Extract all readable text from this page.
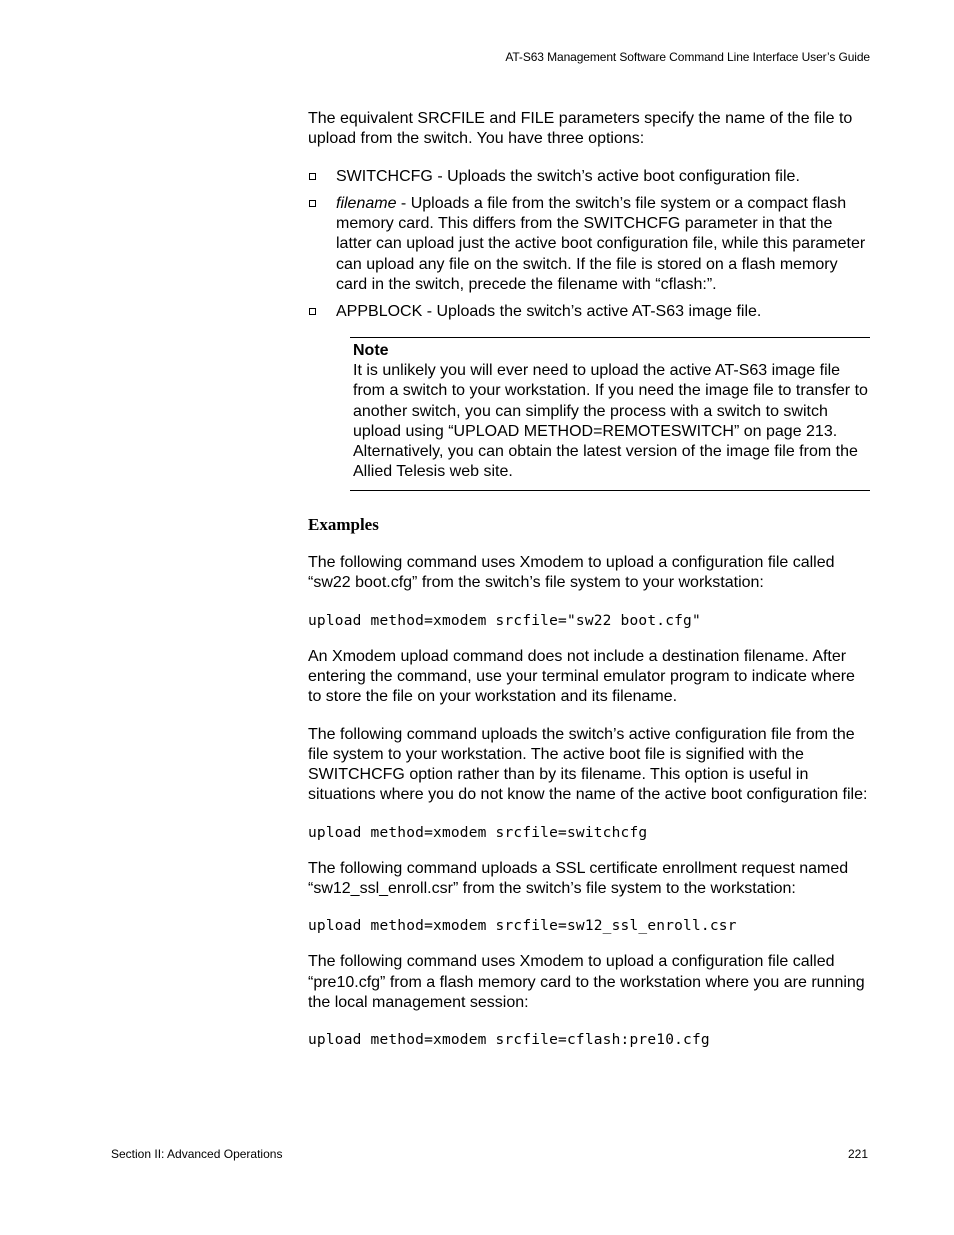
AT-S63 Management Software Command Line Interface User’s Guide

The equivalent SRCFILE and FILE parameters specify the name of the file to upload from the switch. You have three options:

SWITCHCFG - Uploads the switch’s active boot configuration file.
filename - Uploads a file from the switch’s file system or a compact flash memory card. This differs from the SWITCHCFG parameter in that the latter can upload just the active boot configuration file, while this parameter can upload any file on the switch. If the file is stored on a flash memory card in the switch, precede the filename with “cflash:”.
APPBLOCK - Uploads the switch’s active AT-S63 image file.
Note
It is unlikely you will ever need to upload the active AT-S63 image file from a switch to your workstation. If you need the image file to transfer to another switch, you can simplify the process with a switch to switch upload using “UPLOAD METHOD=REMOTESWITCH” on page 213. Alternatively, you can obtain the latest version of the image file from the Allied Telesis web site.
Examples

The following command uses Xmodem to upload a configuration file called “sw22 boot.cfg” from the switch’s file system to your workstation:

upload method=xmodem srcfile="sw22 boot.cfg"

An Xmodem upload command does not include a destination filename. After entering the command, use your terminal emulator program to indicate where to store the file on your workstation and its filename.

The following command uploads the switch’s active configuration file from the file system to your workstation. The active boot file is signified with the SWITCHCFG option rather than by its filename. This option is useful in situations where you do not know the name of the active boot configuration file:

upload method=xmodem srcfile=switchcfg

The following command uploads a SSL certificate enrollment request named “sw12_ssl_enroll.csr” from the switch’s file system to the workstation:

upload method=xmodem srcfile=sw12_ssl_enroll.csr

The following command uses Xmodem to upload a configuration file called “pre10.cfg” from a flash memory card to the workstation where you are running the local management session:

upload method=xmodem srcfile=cflash:pre10.cfg
Section II: Advanced Operations	221
